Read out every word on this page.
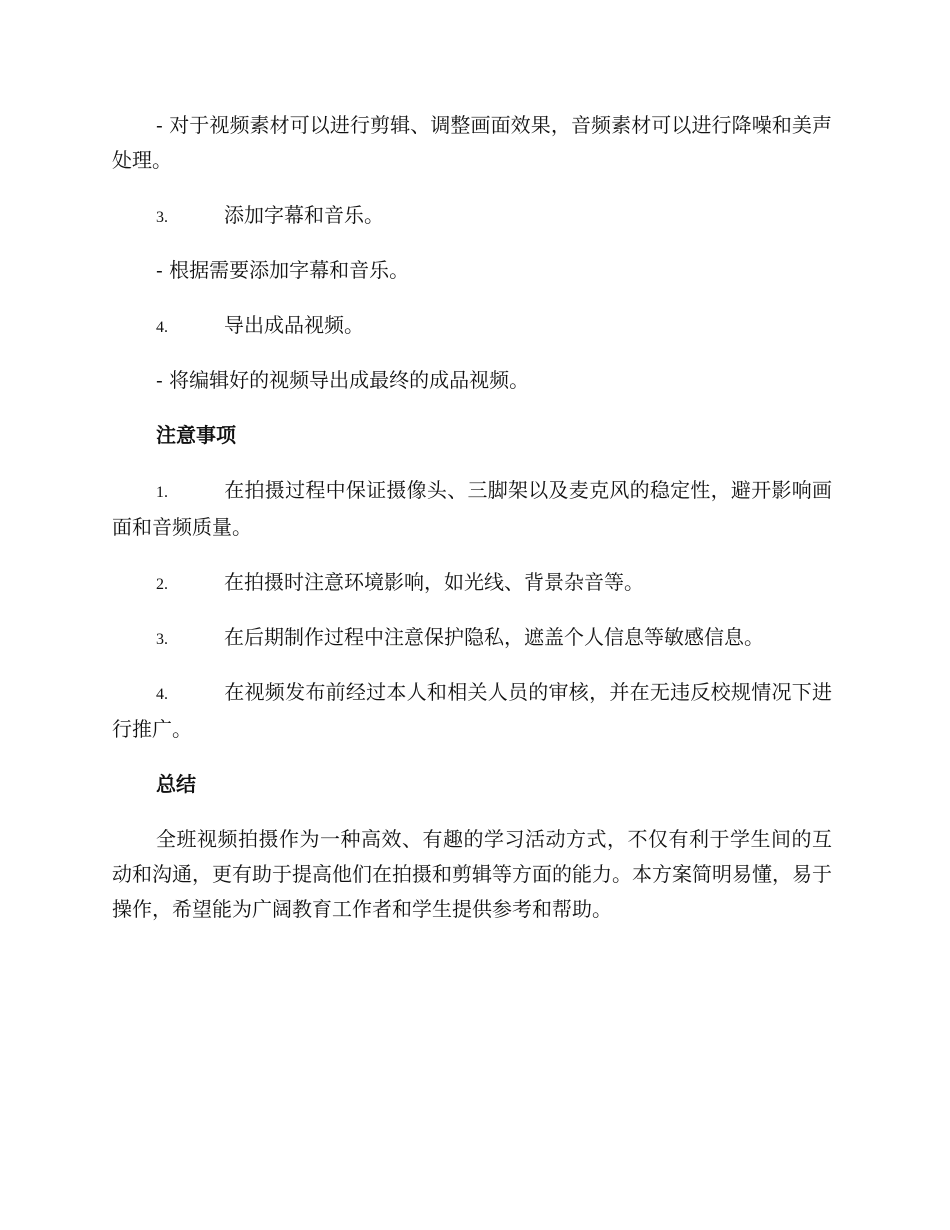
- 对于视频素材可以进行剪辑、调整画面效果，音频素材可以进行降噪和美声处理。

3.	添加字幕和音乐。

- 根据需要添加字幕和音乐。

4.	导出成品视频。

- 将编辑好的视频导出成最终的成品视频。

注意事项

1.	在拍摄过程中保证摄像头、三脚架以及麦克风的稳定性，避开影响画面和音频质量。
2.	在拍摄时注意环境影响，如光线、背景杂音等。

3.	在后期制作过程中注意保护隐私，遮盖个人信息等敏感信息。

4.	在视频发布前经过本人和相关人员的审核，并在无违反校规情况下进行推广。

总结

全班视频拍摄作为一种高效、有趣的学习活动方式，不仅有利于学生间的互动和沟通，更有助于提高他们在拍摄和剪辑等方面的能力。本方案简明易懂，易于操作，希望能为广阔教育工作者和学生提供参考和帮助。
